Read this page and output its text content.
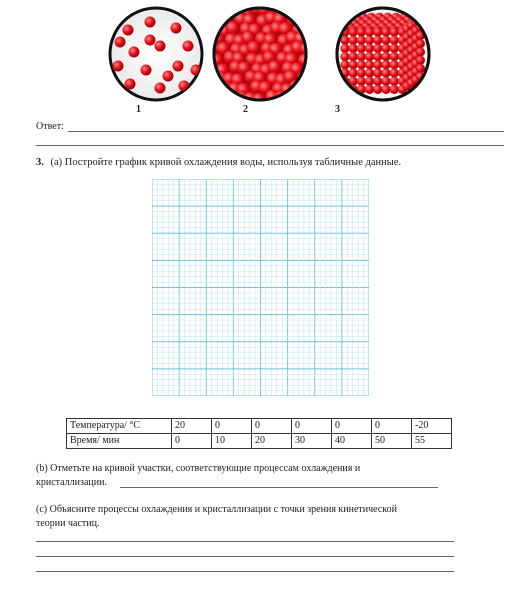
1	2	3
Ответ:
3. (a) Постройте график кривой охлаждения воды, используя табличные данные.
Температура/ °С	20	0	0	0	0	0	-20
Время/ мин	0	10	20	30	40	50	55
(b) Отметьте на кривой участки, соответствующие процессам охлаждения и
кристаллизации.
(c) Объясните процессы охлаждения и кристаллизации с точки зрения кинетической
теории частиц.
